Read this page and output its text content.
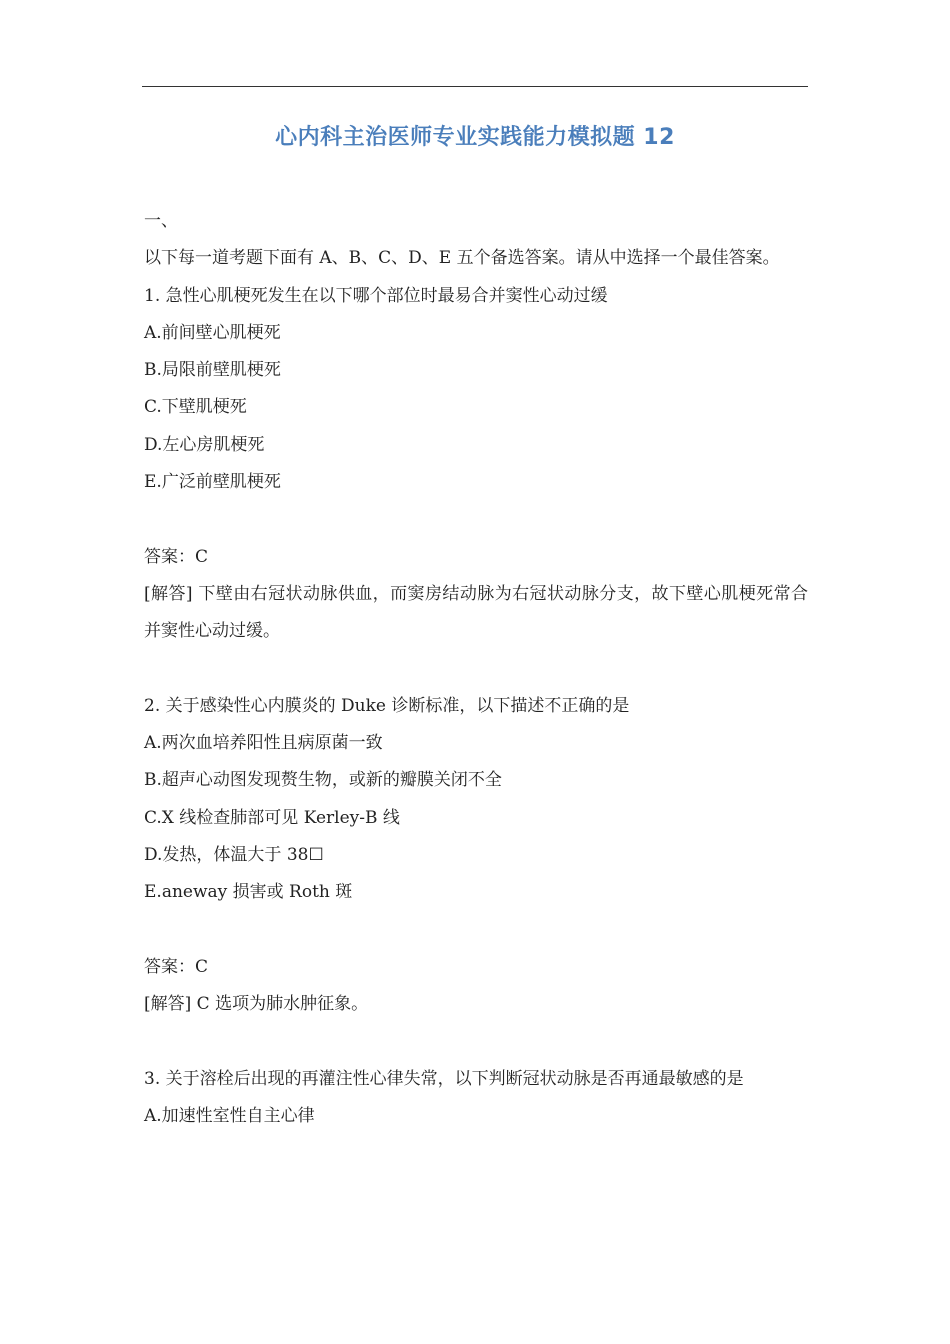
心内科主治医师专业实践能力模拟题 12
一、
以下每一道考题下面有 A、B、C、D、E 五个备选答案。请从中选择一个最佳答案。
1. 急性心肌梗死发生在以下哪个部位时最易合并窦性心动过缓
A.前间壁心肌梗死
B.局限前壁肌梗死
C.下壁肌梗死
D.左心房肌梗死
E.广泛前壁肌梗死
答案：C
[解答] 下壁由右冠状动脉供血，而窦房结动脉为右冠状动脉分支，故下壁心肌梗死常合并窦性心动过缓。
2. 关于感染性心内膜炎的 Duke 诊断标准，以下描述不正确的是
A.两次血培养阳性且病原菌一致
B.超声心动图发现赘生物，或新的瓣膜关闭不全
C.X 线检查肺部可见 Kerley-B 线
D.发热，体温大于 38☐
E.aneway 损害或 Roth 斑
答案：C
[解答] C 选项为肺水肿征象。
3. 关于溶栓后出现的再灌注性心律失常，以下判断冠状动脉是否再通最敏感的是
A.加速性室性自主心律
